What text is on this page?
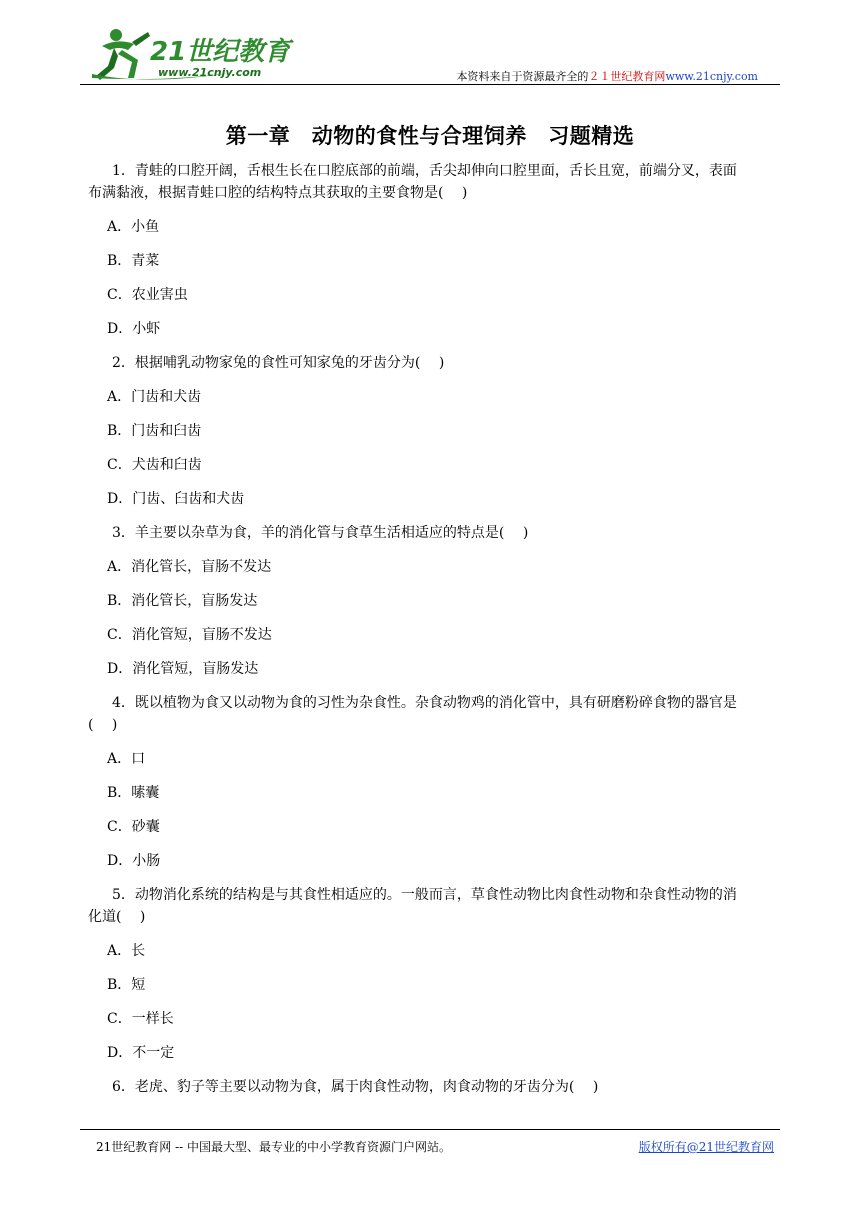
21世纪教育
www.21cnjy.com	本资料来自于资源最齐全的２１世纪教育网www.21cnjy.com
第一章　动物的食性与合理饲养　习题精选

1．青蛙的口腔开阔，舌根生长在口腔底部的前端，舌尖却伸向口腔里面，舌长且宽，前端分叉，表面

布满黏液，根据青蛙口腔的结构特点其获取的主要食物是(　 )

A．小鱼
B．青菜
C．农业害虫
D．小虾

2．根据哺乳动物家兔的食性可知家兔的牙齿分为(　 )

A．门齿和犬齿
B．门齿和臼齿
C．犬齿和臼齿
D．门齿、臼齿和犬齿

3．羊主要以杂草为食，羊的消化管与食草生活相适应的特点是(　 )

A．消化管长，盲肠不发达
B．消化管长，盲肠发达
C．消化管短，盲肠不发达
D．消化管短，盲肠发达

4．既以植物为食又以动物为食的习性为杂食性。杂食动物鸡的消化管中，具有研磨粉碎食物的器官是

(　 )

A．口
B．嗉囊
C．砂囊
D．小肠

5．动物消化系统的结构是与其食性相适应的。一般而言，草食性动物比肉食性动物和杂食性动物的消

化道(　 )

A．长
B．短
C．一样长
D．不一定

6．老虎、豹子等主要以动物为食，属于肉食性动物，肉食动物的牙齿分为(　 )

21世纪教育网 -- 中国最大型、最专业的中小学教育资源门户网站。	版权所有@21世纪教育网
